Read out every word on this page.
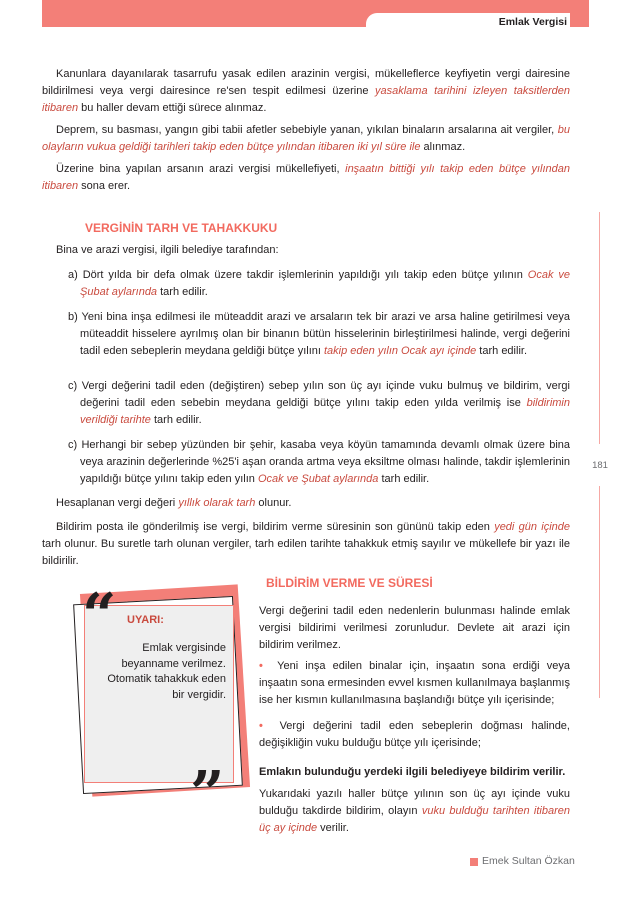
Emlak Vergisi
181
Kanunlara dayanılarak tasarrufu yasak edilen arazinin vergisi, mükelleflerce keyfiyetin vergi dairesine bildirilmesi veya vergi dairesince re'sen tespit edilmesi üzerine yasaklama tarihini izleyen taksitlerden itibaren bu haller devam ettiği sürece alınmaz.
Deprem, su basması, yangın gibi tabii afetler sebebiyle yanan, yıkılan binaların arsalarına ait vergiler, bu olayların vukua geldiği tarihleri takip eden bütçe yılından itibaren iki yıl süre ile alınmaz.
Üzerine bina yapılan arsanın arazi vergisi mükellefiyeti, inşaatın bittiği yılı takip eden bütçe yılından itibaren sona erer.
VERGİNİN TARH VE TAHAKKUKU
Bina ve arazi vergisi, ilgili belediye tarafından:
a) Dört yılda bir defa olmak üzere takdir işlemlerinin yapıldığı yılı takip eden bütçe yılının Ocak ve Şubat aylarında tarh edilir.
b) Yeni bina inşa edilmesi ile müteaddit arazi ve arsaların tek bir arazi ve arsa haline getirilmesi veya müteaddit hisselere ayrılmış olan bir binanın bütün hisselerinin birleştirilmesi halinde, vergi değerini tadil eden sebeplerin meydana geldiği bütçe yılını takip eden yılın Ocak ayı içinde tarh edilir.
c) Vergi değerini tadil eden (değiştiren) sebep yılın son üç ayı içinde vuku bulmuş ve bildirim, vergi değerini tadil eden sebebin meydana geldiği bütçe yılını takip eden yılda verilmiş ise bildirimin verildiği tarihte tarh edilir.
c) Herhangi bir sebep yüzünden bir şehir, kasaba veya köyün tamamında devamlı olmak üzere bina veya arazinin değerlerinde %25'i aşan oranda artma veya eksiltme olması halinde, takdir işlemlerinin yapıldığı bütçe yılını takip eden yılın Ocak ve Şubat aylarında tarh edilir.
Hesaplanan vergi değeri yıllık olarak tarh olunur.
Bildirim posta ile gönderilmiş ise vergi, bildirim verme süresinin son gününü takip eden yedi gün içinde tarh olunur. Bu suretle tarh olunan vergiler, tarh edilen tarihte tahakkuk etmiş sayılır ve mükellefe bir yazı ile bildirilir.
“ UYARI:
Emlak vergisinde beyanname verilmez. Otomatik tahakkuk eden bir vergidir.
”
BİLDİRİM VERME VE SÜRESİ
Vergi değerini tadil eden nedenlerin bulunması halinde emlak vergisi bildirimi verilmesi zorunludur. Devlete ait arazi için bildirim verilmez.
• Yeni inşa edilen binalar için, inşaatın sona erdiği veya inşaatın sona ermesinden evvel kısmen kullanılmaya başlanmış ise her kısmın kullanılmasına başlandığı bütçe yılı içerisinde;
• Vergi değerini tadil eden sebeplerin doğması halinde, değişikliğin vuku bulduğu bütçe yılı içerisinde;
Emlakın bulunduğu yerdeki ilgili belediyeye bildirim verilir.
Yukarıdaki yazılı haller bütçe yılının son üç ayı içinde vuku bulduğu takdirde bildirim, olayın vuku bulduğu tarihten itibaren üç ay içinde verilir.
Emek Sultan Özkan
